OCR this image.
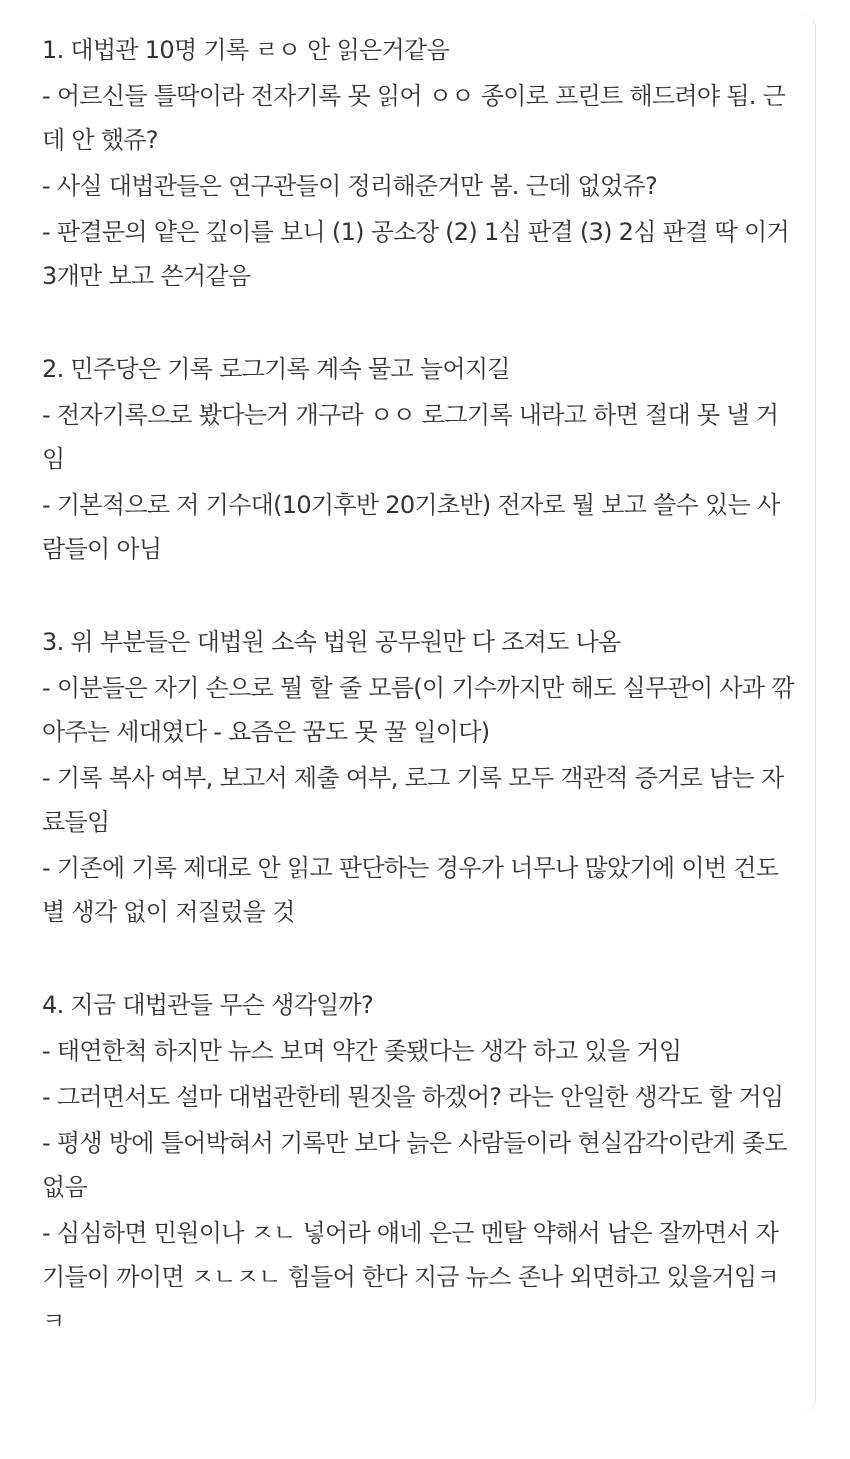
1. 대법관 10명 기록 ㄹㅇ 안 읽은거같음
- 어르신들 틀딱이라 전자기록 못 읽어 ㅇㅇ 종이로 프린트 해드려야 됨. 근데 안 했쥬?
- 사실 대법관들은 연구관들이 정리해준거만 봄. 근데 없었쥬?
- 판결문의 얕은 깊이를 보니 (1) 공소장 (2) 1심 판결 (3) 2심 판결 딱 이거 3개만 보고 쓴거같음
2. 민주당은 기록 로그기록 계속 물고 늘어지길
- 전자기록으로 봤다는거 개구라 ㅇㅇ 로그기록 내라고 하면 절대 못 낼 거임
- 기본적으로 저 기수대(10기후반 20기초반) 전자로 뭘 보고 쓸수 있는 사람들이 아님
3. 위 부분들은 대법원 소속 법원 공무원만 다 조져도 나옴
- 이분들은 자기 손으로 뭘 할 줄 모름(이 기수까지만 해도 실무관이 사과 깎아주는 세대였다 - 요즘은 꿈도 못 꿀 일이다)
- 기록 복사 여부, 보고서 제출 여부, 로그 기록 모두 객관적 증거로 남는 자료들임
- 기존에 기록 제대로 안 읽고 판단하는 경우가 너무나 많았기에 이번 건도 별 생각 없이 저질렀을 것
4. 지금 대법관들 무슨 생각일까?
- 태연한척 하지만 뉴스 보며 약간 좆됐다는 생각 하고 있을 거임
- 그러면서도 설마 대법관한테 뭔짓을 하겠어? 라는 안일한 생각도 할 거임
- 평생 방에 틀어박혀서 기록만 보다 늙은 사람들이라 현실감각이란게 좆도 없음
- 심심하면 민원이나 ㅈㄴ 넣어라 얘네 은근 멘탈 약해서 남은 잘까면서 자기들이 까이면 ㅈㄴㅈㄴ 힘들어 한다 지금 뉴스 존나 외면하고 있을거임ㅋㅋ
